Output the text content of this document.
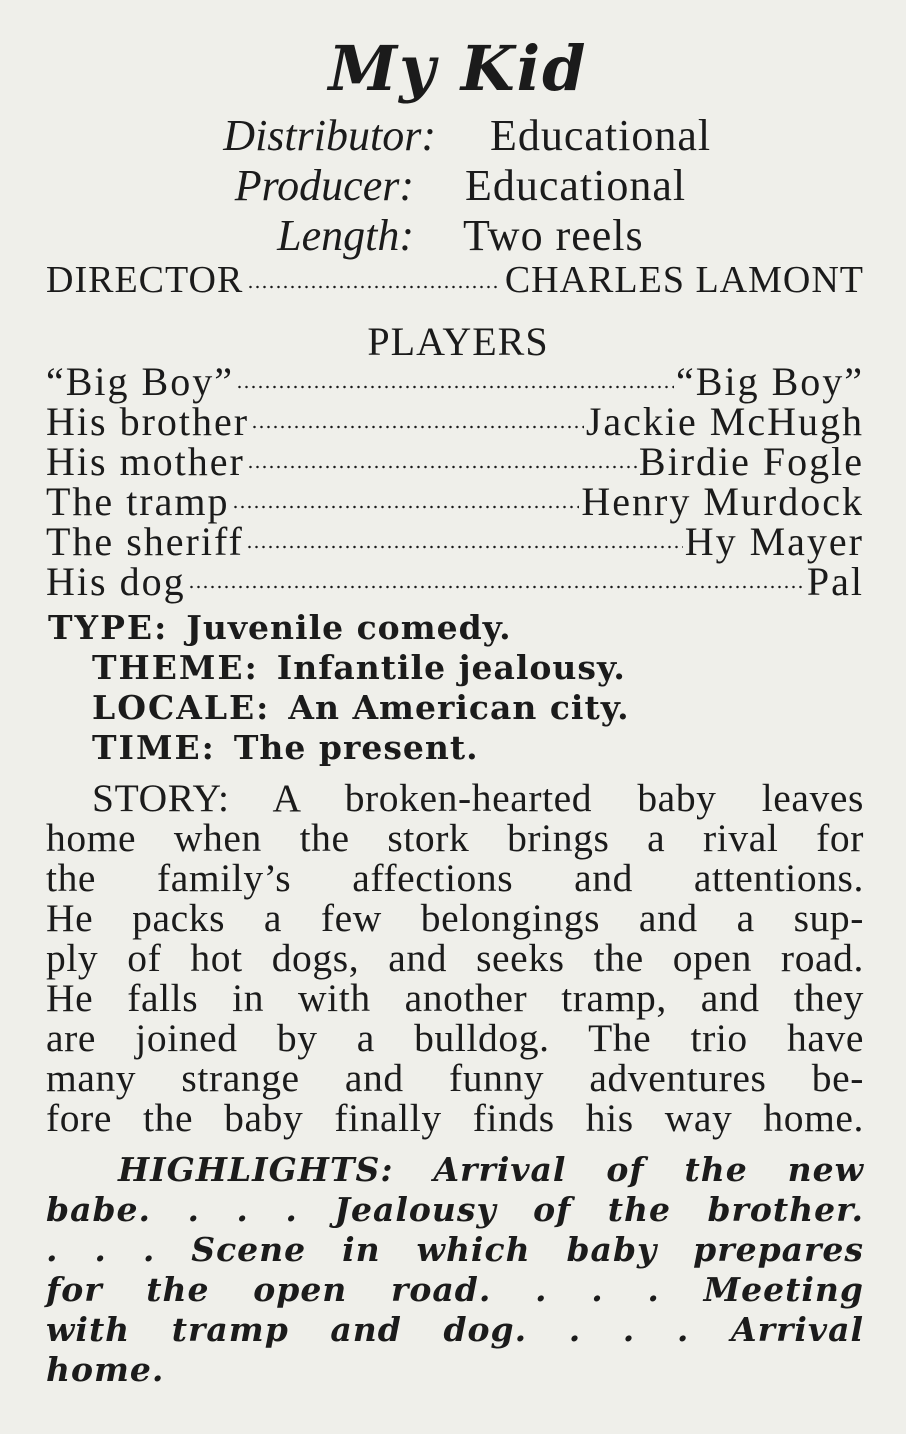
My Kid
Distributor: Educational
Producer: Educational
Length: Two reels
DIRECTOR	CHARLES LAMONT
PLAYERS
“Big Boy”	“Big Boy”
His brother	Jackie McHugh
His mother	Birdie Fogle
The tramp	Henry Murdock
The sheriff	Hy Mayer
His dog	Pal
TYPE: Juvenile comedy.
THEME: Infantile jealousy.
LOCALE: An American city.
TIME: The present.
STORY: A broken-hearted baby leaves
home when the stork brings a rival for
the family’s affections and attentions.
He packs a few belongings and a sup-
ply of hot dogs, and seeks the open road.
He falls in with another tramp, and they
are joined by a bulldog. The trio have
many strange and funny adventures be-
fore the baby finally finds his way home.
HIGHLIGHTS: Arrival of the new
babe. . . . Jealousy of the brother.
. . . Scene in which baby prepares
for the open road. . . . Meeting
with tramp and dog. . . . Arrival
home.
